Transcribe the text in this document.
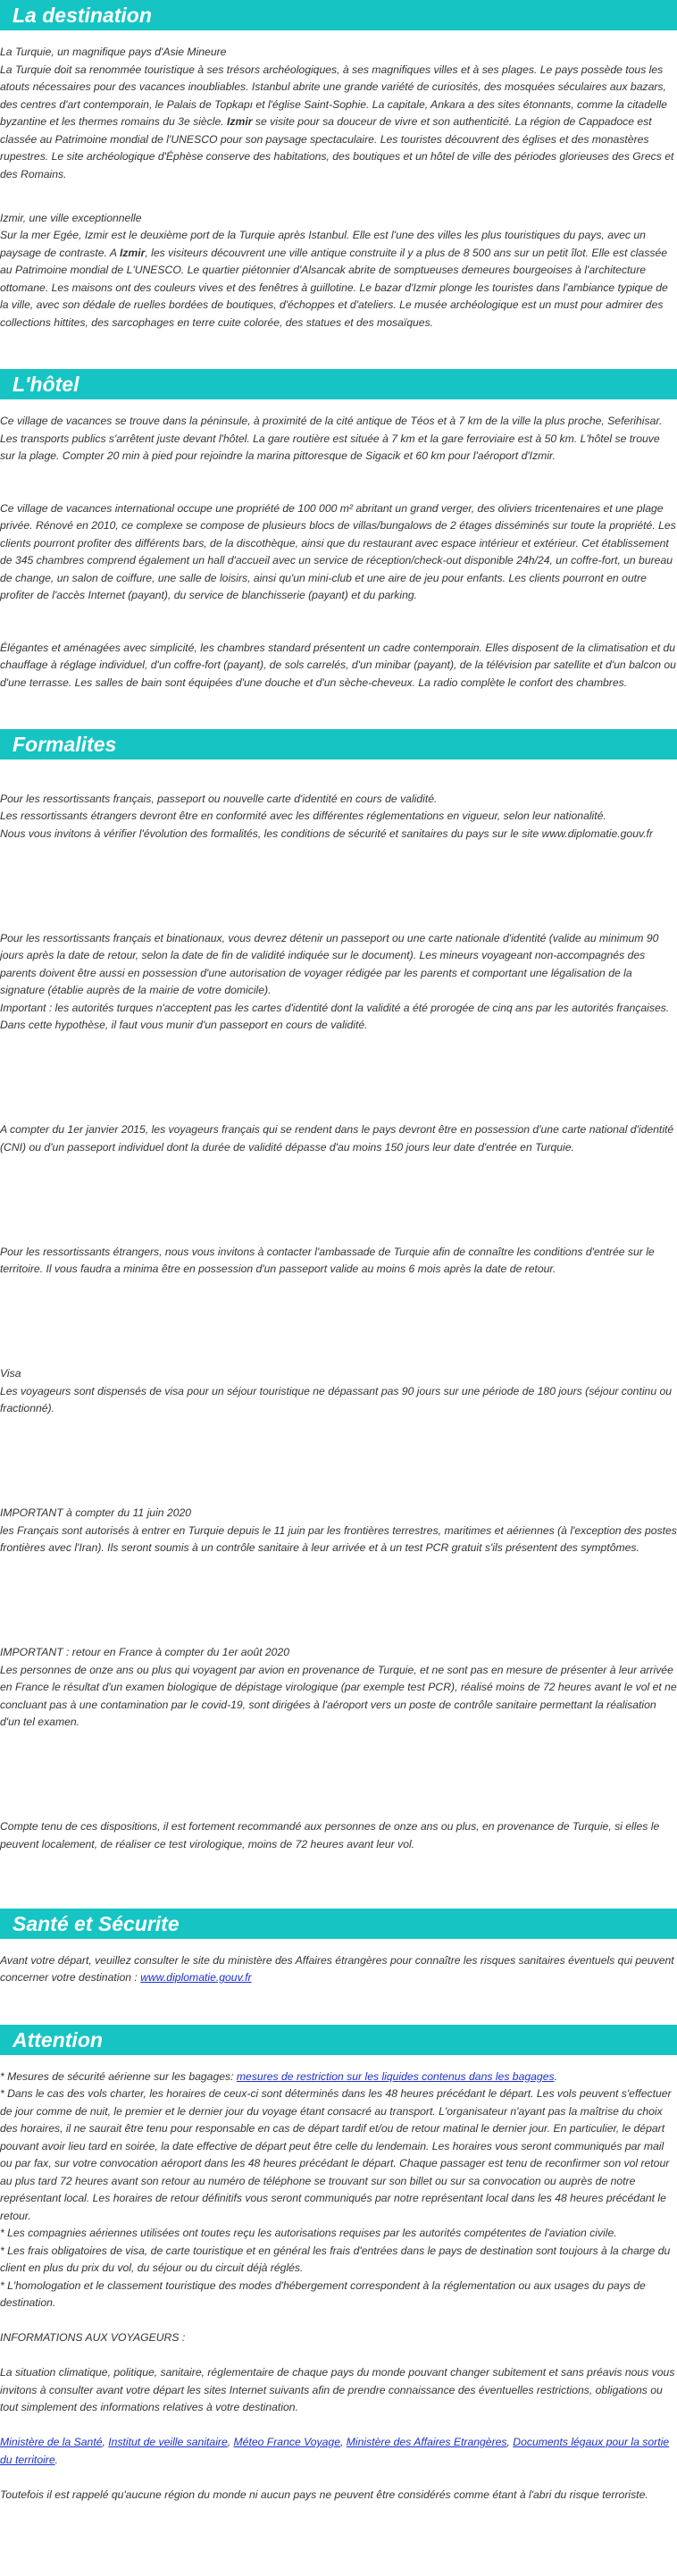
La destination

La Turquie, un magnifique pays d'Asie Mineure

La Turquie doit sa renommée touristique à ses trésors archéologiques, à ses magnifiques villes et à ses plages. Le pays possède tous les atouts nécessaires pour des vacances inoubliables. Istanbul abrite une grande variété de curiosités, des mosquées séculaires aux bazars, des centres d'art contemporain, le Palais de Topkapı et l'église Saint-Sophie. La capitale, Ankara a des sites étonnants, comme la citadelle byzantine et les thermes romains du 3e siècle. Izmir se visite pour sa douceur de vivre et son authenticité. La région de Cappadoce est classée au Patrimoine mondial de l'UNESCO pour son paysage spectaculaire. Les touristes découvrent des églises et des monastères rupestres. Le site archéologique d'Éphèse conserve des habitations, des boutiques et un hôtel de ville des périodes glorieuses des Grecs et des Romains.

Izmir, une ville exceptionnelle

Sur la mer Egée, Izmir est le deuxième port de la Turquie après Istanbul. Elle est l'une des villes les plus touristiques du pays, avec un paysage de contraste. A Izmir, les visiteurs découvrent une ville antique construite il y a plus de 8 500 ans sur un petit îlot. Elle est classée au Patrimoine mondial de L'UNESCO. Le quartier piétonnier d'Alsancak abrite de somptueuses demeures bourgeoises à l'architecture ottomane. Les maisons ont des couleurs vives et des fenêtres à guillotine. Le bazar d'Izmir plonge les touristes dans l'ambiance typique de la ville, avec son dédale de ruelles bordées de boutiques, d'échoppes et d'ateliers. Le musée archéologique est un must pour admirer des collections hittites, des sarcophages en terre cuite colorée, des statues et des mosaïques.

L'hôtel

Ce village de vacances se trouve dans la péninsule, à proximité de la cité antique de Téos et à 7 km de la ville la plus proche, Seferihisar. Les transports publics s'arrêtent juste devant l'hôtel. La gare routière est située à 7 km et la gare ferroviaire est à 50 km. L'hôtel se trouve sur la plage. Compter 20 min à pied pour rejoindre la marina pittoresque de Sigacik et 60 km pour l'aéroport d'Izmir.

Ce village de vacances international occupe une propriété de 100 000 m² abritant un grand verger, des oliviers tricentenaires et une plage privée. Rénové en 2010, ce complexe se compose de plusieurs blocs de villas/bungalows de 2 étages disséminés sur toute la propriété. Les clients pourront profiter des différents bars, de la discothèque, ainsi que du restaurant avec espace intérieur et extérieur. Cet établissement de 345 chambres comprend également un hall d'accueil avec un service de réception/check-out disponible 24h/24, un coffre-fort, un bureau de change, un salon de coiffure, une salle de loisirs, ainsi qu'un mini-club et une aire de jeu pour enfants. Les clients pourront en outre profiter de l'accès Internet (payant), du service de blanchisserie (payant) et du parking.

Élégantes et aménagées avec simplicité, les chambres standard présentent un cadre contemporain. Elles disposent de la climatisation et du chauffage à réglage individuel, d'un coffre-fort (payant), de sols carrelés, d'un minibar (payant), de la télévision par satellite et d'un balcon ou d'une terrasse. Les salles de bain sont équipées d'une douche et d'un sèche-cheveux. La radio complète le confort des chambres.

Formalites

Pour les ressortissants français, passeport ou nouvelle carte d'identité en cours de validité.
Les ressortissants étrangers devront être en conformité avec les différentes réglementations en vigueur, selon leur nationalité.
Nous vous invitons à vérifier l'évolution des formalités, les conditions de sécurité et sanitaires du pays sur le site www.diplomatie.gouv.fr

Pour les ressortissants français et binationaux, vous devrez détenir un passeport ou une carte nationale d'identité (valide au minimum 90 jours après la date de retour, selon la date de fin de validité indiquée sur le document). Les mineurs voyageant non-accompagnés des parents doivent être aussi en possession d'une autorisation de voyager rédigée par les parents et comportant une légalisation de la signature (établie auprès de la mairie de votre domicile).
Important : les autorités turques n'acceptent pas les cartes d'identité dont la validité a été prorogée de cinq ans par les autorités françaises. Dans cette hypothèse, il faut vous munir d'un passeport en cours de validité.

A compter du 1er janvier 2015, les voyageurs français qui se rendent dans le pays devront être en possession d'une carte national d'identité (CNI) ou d'un passeport individuel dont la durée de validité dépasse d'au moins 150 jours leur date d'entrée en Turquie.

Pour les ressortissants étrangers, nous vous invitons à contacter l'ambassade de Turquie afin de connaître les conditions d'entrée sur le territoire. Il vous faudra a minima être en possession d'un passeport valide au moins 6 mois après la date de retour.

Visa
Les voyageurs sont dispensés de visa pour un séjour touristique ne dépassant pas 90 jours sur une période de 180 jours (séjour continu ou fractionné).

IMPORTANT à compter du 11 juin 2020
les Français sont autorisés à entrer en Turquie depuis le 11 juin par les frontières terrestres, maritimes et aériennes (à l'exception des postes frontières avec l'Iran). Ils seront soumis à un contrôle sanitaire à leur arrivée et à un test PCR gratuit s'ils présentent des symptômes.

IMPORTANT : retour en France à compter du 1er août 2020
Les personnes de onze ans ou plus qui voyagent par avion en provenance de Turquie, et ne sont pas en mesure de présenter à leur arrivée en France le résultat d'un examen biologique de dépistage virologique (par exemple test PCR), réalisé moins de 72 heures avant le vol et ne concluant pas à une contamination par le covid-19, sont dirigées à l'aéroport vers un poste de contrôle sanitaire permettant la réalisation d'un tel examen.

Compte tenu de ces dispositions, il est fortement recommandé aux personnes de onze ans ou plus, en provenance de Turquie, si elles le peuvent localement, de réaliser ce test virologique, moins de 72 heures avant leur vol.

Santé et Sécurite

Avant votre départ, veuillez consulter le site du ministère des Affaires étrangères pour connaître les risques sanitaires éventuels qui peuvent concerner votre destination : www.diplomatie.gouv.fr

Attention

* Mesures de sécurité aérienne sur les bagages: mesures de restriction sur les liquides contenus dans les bagages.

* Dans le cas des vols charter, les horaires de ceux-ci sont déterminés dans les 48 heures précédant le départ. Les vols peuvent s'effectuer de jour comme de nuit, le premier et le dernier jour du voyage étant consacré au transport. L'organisateur n'ayant pas la maîtrise du choix des horaires, il ne saurait être tenu pour responsable en cas de départ tardif et/ou de retour matinal le dernier jour. En particulier, le départ pouvant avoir lieu tard en soirée, la date effective de départ peut être celle du lendemain. Les horaires vous seront communiqués par mail ou par fax, sur votre convocation aéroport dans les 48 heures précédant le départ. Chaque passager est tenu de reconfirmer son vol retour au plus tard 72 heures avant son retour au numéro de téléphone se trouvant sur son billet ou sur sa convocation ou auprès de notre représentant local. Les horaires de retour définitifs vous seront communiqués par notre représentant local dans les 48 heures précédant le retour.

* Les compagnies aériennes utilisées ont toutes reçu les autorisations requises par les autorités compétentes de l'aviation civile.

* Les frais obligatoires de visa, de carte touristique et en général les frais d'entrées dans le pays de destination sont toujours à la charge du client en plus du prix du vol, du séjour ou du circuit déjà réglés.

* L'homologation et le classement touristique des modes d'hébergement correspondent à la réglementation ou aux usages du pays de destination.

INFORMATIONS AUX VOYAGEURS :

La situation climatique, politique, sanitaire, réglementaire de chaque pays du monde pouvant changer subitement et sans préavis nous vous invitons à consulter avant votre départ les sites Internet suivants afin de prendre connaissance des éventuelles restrictions, obligations ou tout simplement des informations relatives à votre destination.

Ministère de la Santé, Institut de veille sanitaire, Méteo France Voyage, Ministère des Affaires Etrangères, Documents légaux pour la sortie du territoire.

Toutefois il est rappelé qu'aucune région du monde ni aucun pays ne peuvent être considérés comme étant à l'abri du risque terroriste.
